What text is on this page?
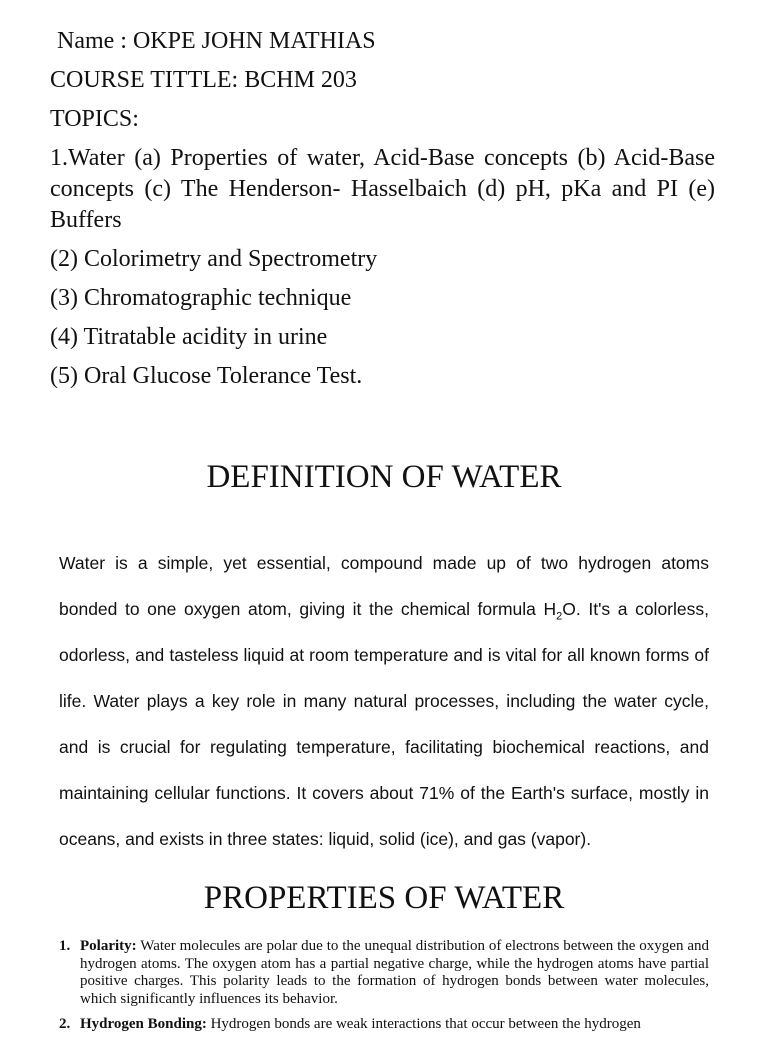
Name : OKPE JOHN MATHIAS
COURSE TITTLE: BCHM 203
TOPICS:
1.Water (a) Properties of water, Acid-Base concepts (b) Acid-Base concepts (c) The Henderson- Hasselbaich (d) pH, pKa and PI (e) Buffers
(2) Colorimetry and Spectrometry
(3) Chromatographic technique
(4) Titratable acidity in urine
(5) Oral Glucose Tolerance Test.
DEFINITION OF WATER
Water is a simple, yet essential, compound made up of two hydrogen atoms bonded to one oxygen atom, giving it the chemical formula $H_2O$. It's a colorless, odorless, and tasteless liquid at room temperature and is vital for all known forms of life. Water plays a key role in many natural processes, including the water cycle, and is crucial for regulating temperature, facilitating biochemical reactions, and maintaining cellular functions. It covers about 71% of the Earth's surface, mostly in oceans, and exists in three states: liquid, solid (ice), and gas (vapor).
PROPERTIES OF WATER
1. Polarity: Water molecules are polar due to the unequal distribution of electrons between the oxygen and hydrogen atoms. The oxygen atom has a partial negative charge, while the hydrogen atoms have partial positive charges. This polarity leads to the formation of hydrogen bonds between water molecules, which significantly influences its behavior.
2. Hydrogen Bonding: Hydrogen bonds are weak interactions that occur between the hydrogen
